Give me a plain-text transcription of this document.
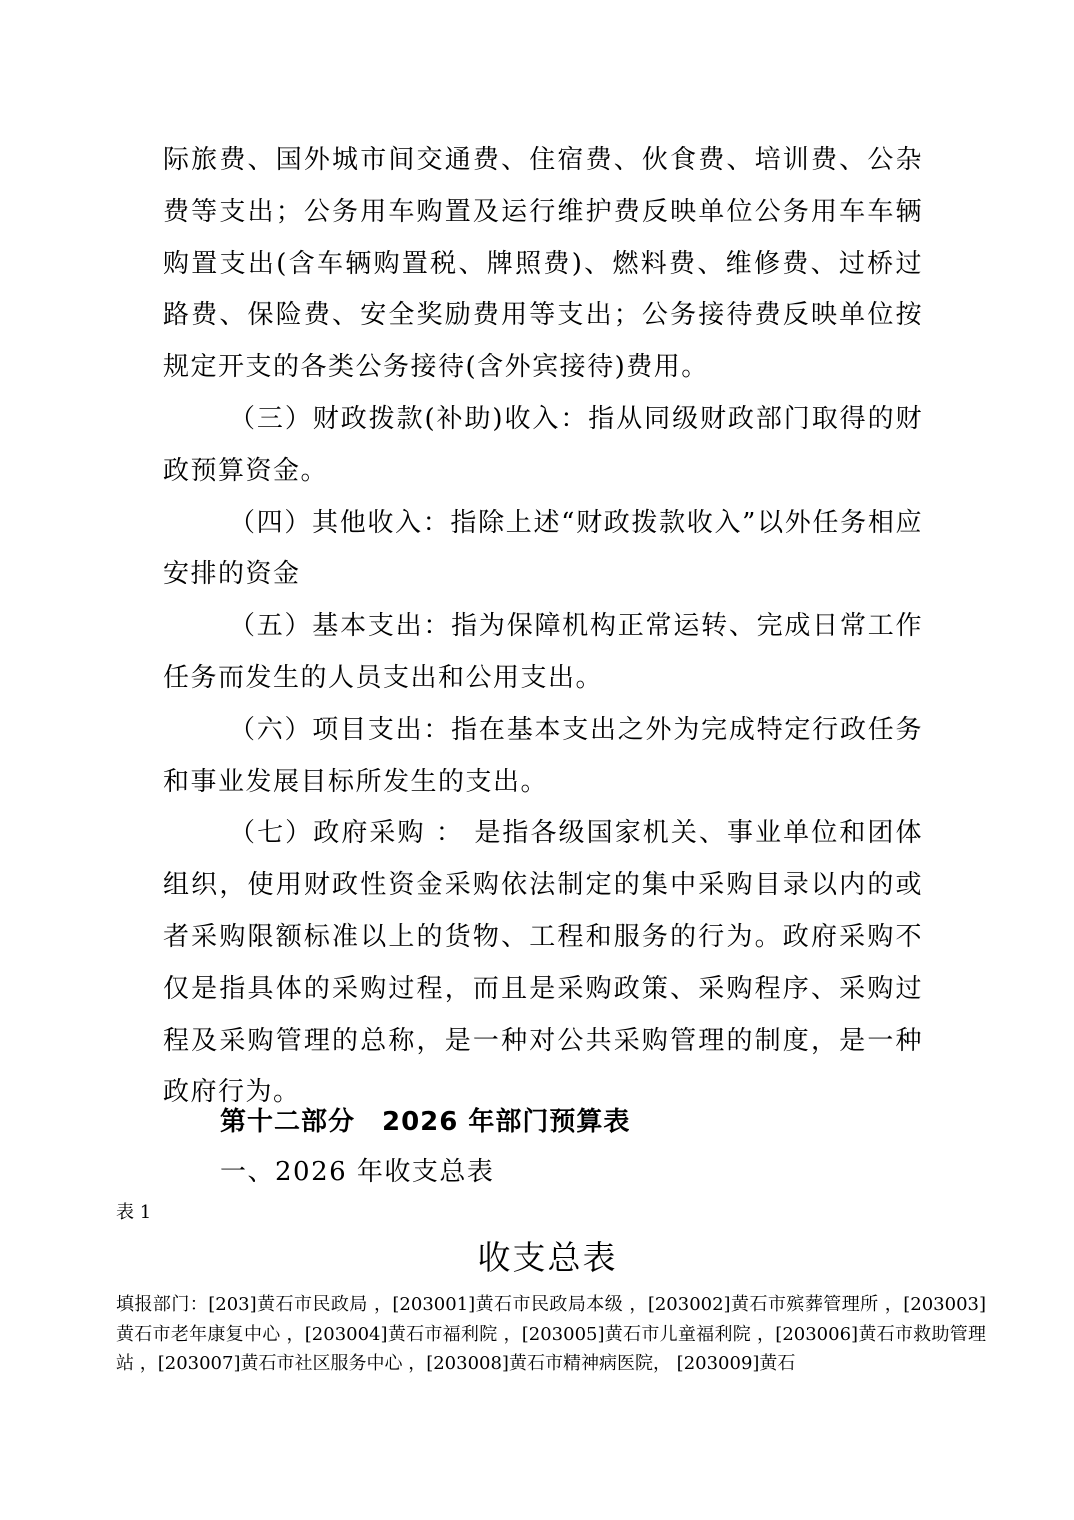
际旅费、国外城市间交通费、住宿费、伙食费、培训费、公杂费等支出；公务用车购置及运行维护费反映单位公务用车车辆购置支出(含车辆购置税、牌照费)、燃料费、维修费、过桥过路费、保险费、安全奖励费用等支出；公务接待费反映单位按规定开支的各类公务接待(含外宾接待)费用。

（三）财政拨款(补助)收入：指从同级财政部门取得的财政预算资金。

（四）其他收入：指除上述“财政拨款收入”以外任务相应安排的资金

（五）基本支出：指为保障机构正常运转、完成日常工作任务而发生的人员支出和公用支出。

（六）项目支出：指在基本支出之外为完成特定行政任务和事业发展目标所发生的支出。

（七）政府采购 ： 是指各级国家机关、事业单位和团体组织，使用财政性资金采购依法制定的集中采购目录以内的或者采购限额标准以上的货物、工程和服务的行为。政府采购不仅是指具体的采购过程，而且是采购政策、采购程序、采购过程及采购管理的总称，是一种对公共采购管理的制度，是一种政府行为。

第十二部分　2026 年部门预算表
一、2026 年收支总表
表 1
收支总表
填报部门：[203]黄石市民政局 ，[203001]黄石市民政局本级 ，[203002]黄石市殡葬管理所 ，[203003]黄石市老年康复中心 ，[203004]黄石市福利院 ，[203005]黄石市儿童福利院 ，[203006]黄石市救助管理站 ，[203007]黄石市社区服务中心 ，[203008]黄石市精神病医院， [203009]黄石
